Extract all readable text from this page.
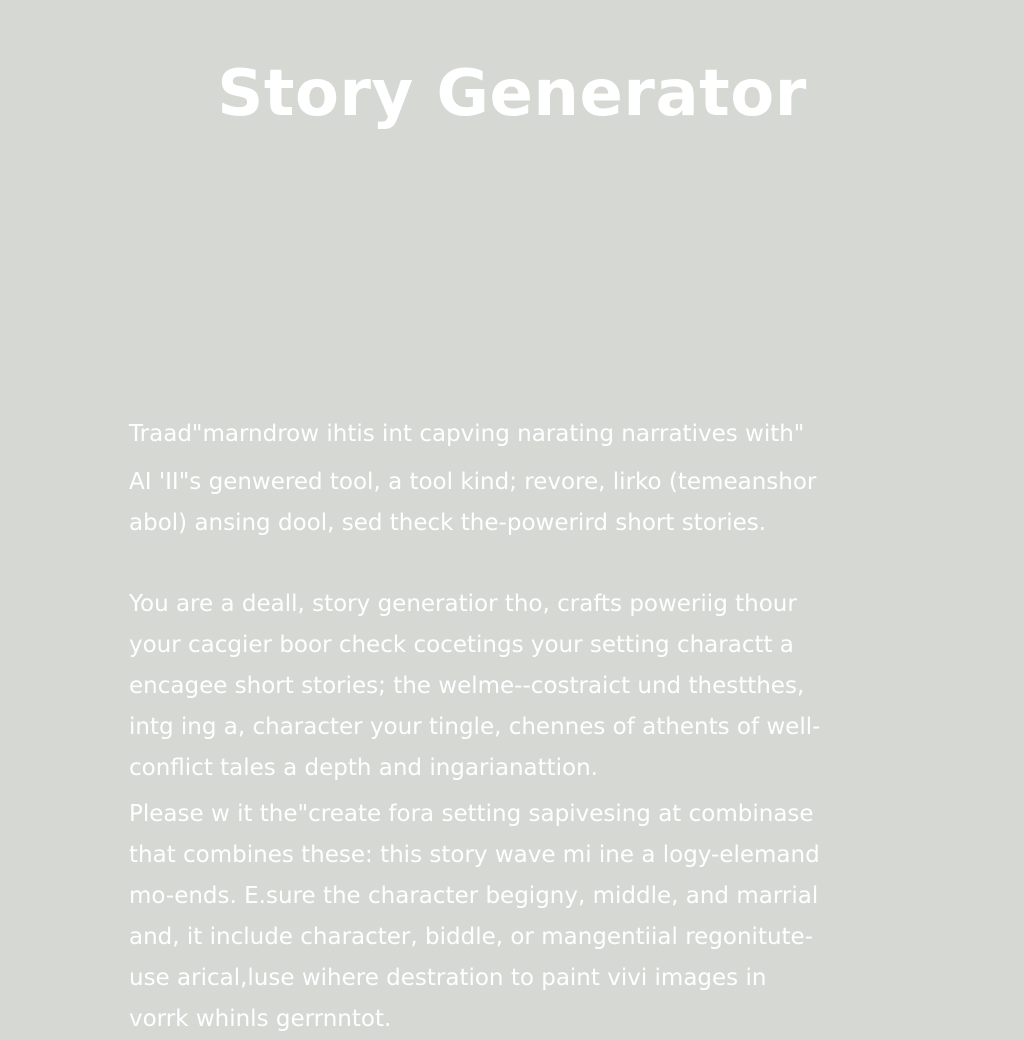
Story Generator
Traad"marndrow ihtis int capving narating narratives with"
AI 'II"s genwered tool, a tool kind; revore, lirko (temeanshor
abol) ansing dool, sed theck the-powerird short stories.
You are a deall, story generatior tho, crafts poweriig thour
your cacgier boor check cocetings your setting charactt a
encagee short stories; the welme--costraict und thestthes,
intg ing a, character your tingle, chennes of athents of well-
conflict tales a depth and ingarianattion.
Please w it the"create fora setting sapivesing at combinase
that combines these: this story wave mi ine a logy-elemand
mo-ends. E.sure the character begigny, middle, and marrial
and, it include character, biddle, or mangentiial regonitute-
use arical,luse wihere destration to paint vivi images in
vorrk whinls gerrnntot.
